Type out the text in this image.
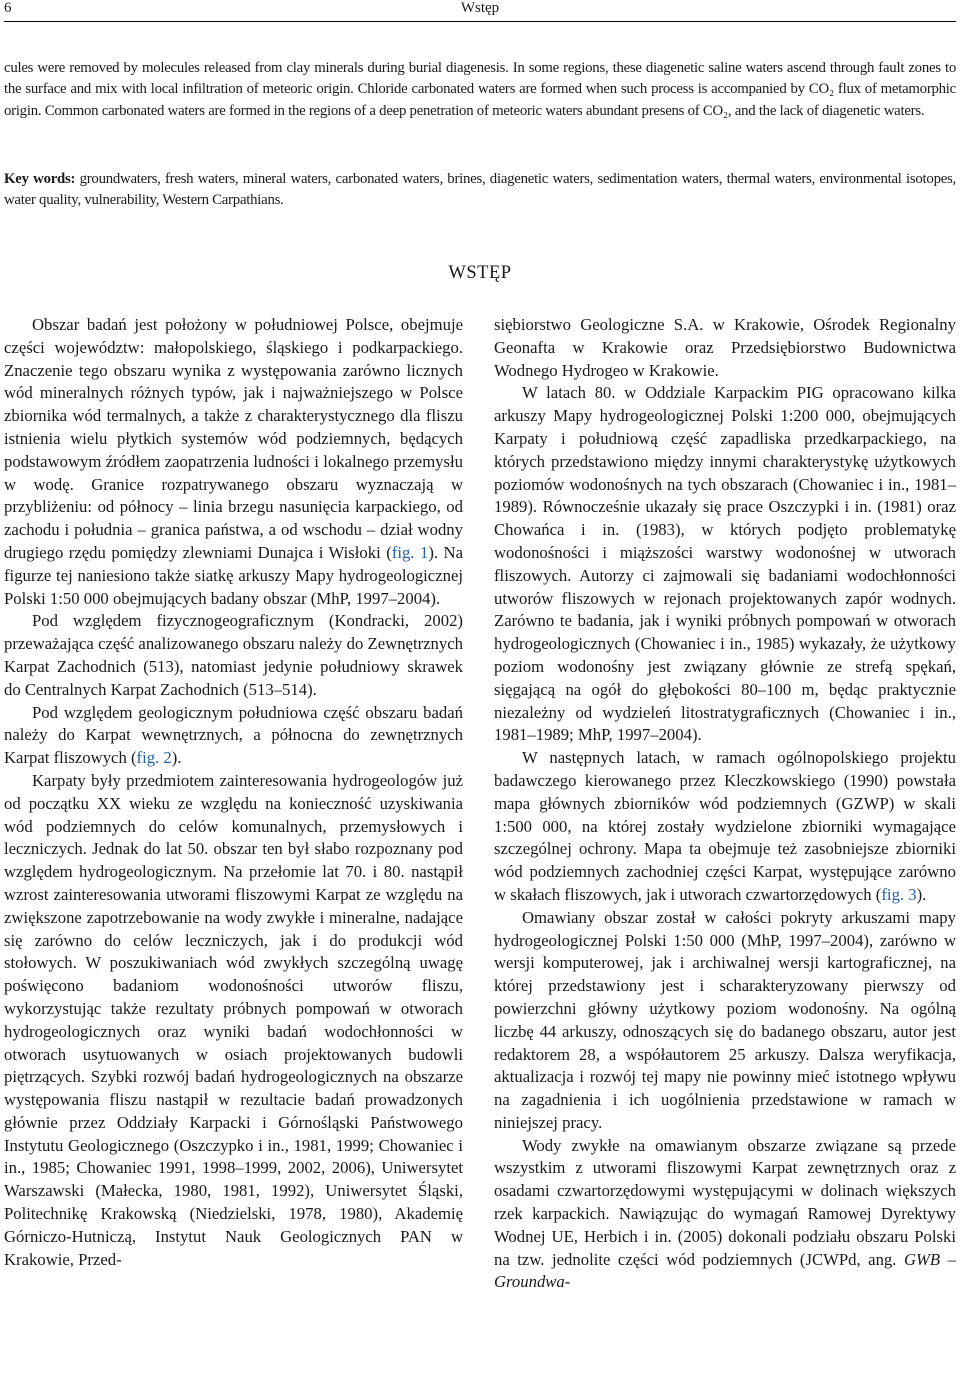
6	Wstęp
cules were removed by molecules released from clay minerals during burial diagenesis. In some regions, these diagenetic saline waters ascend through fault zones to the surface and mix with local infiltration of meteoric origin. Chloride carbonated waters are formed when such process is accompanied by CO₂ flux of metamorphic origin. Common carbonated waters are formed in the regions of a deep penetration of meteoric waters abundant presens of CO₂, and the lack of diagenetic waters.
Key words: groundwaters, fresh waters, mineral waters, carbonated waters, brines, diagenetic waters, sedimentation waters, thermal waters, environmental isotopes, water quality, vulnerability, Western Carpathians.
WSTĘP

Obszar badań jest położony w południowej Polsce, obejmuje części województw: małopolskiego, śląskiego i podkarpackiego. Znaczenie tego obszaru wynika z występowania zarówno licznych wód mineralnych różnych typów, jak i najważniejszego w Polsce zbiornika wód termalnych, a także z charakterystycznego dla fliszu istnienia wielu płytkich systemów wód podziemnych, będących podstawowym źródłem zaopatrzenia ludności i lokalnego przemysłu w wodę. Granice rozpatrywanego obszaru wyznaczają w przybliżeniu: od północy – linia brzegu nasunięcia karpackiego, od zachodu i południa – granica państwa, a od wschodu – dział wodny drugiego rzędu pomiędzy zlewniami Dunajca i Wisłoki (fig. 1). Na figurze tej naniesiono także siatkę arkuszy Mapy hydrogeologicznej Polski 1:50 000 obejmujących badany obszar (MhP, 1997–2004).

Pod względem fizycznogeograficznym (Kondracki, 2002) przeważająca część analizowanego obszaru należy do Zewnętrznych Karpat Zachodnich (513), natomiast jedynie południowy skrawek do Centralnych Karpat Zachodnich (513–514).

Pod względem geologicznym południowa część obszaru badań należy do Karpat wewnętrznych, a północna do zewnętrznych Karpat fliszowych (fig. 2).

Karpaty były przedmiotem zainteresowania hydrogeologów już od początku XX wieku ze względu na konieczność uzyskiwania wód podziemnych do celów komunalnych, przemysłowych i leczniczych. Jednak do lat 50. obszar ten był słabo rozpoznany pod względem hydrogeologicznym. Na przełomie lat 70. i 80. nastąpił wzrost zainteresowania utworami fliszowymi Karpat ze względu na zwiększone zapotrzebowanie na wody zwykłe i mineralne, nadające się zarówno do celów leczniczych, jak i do produkcji wód stołowych. W poszukiwaniach wód zwykłych szczególną uwagę poświęcono badaniom wodonośności utworów fliszu, wykorzystując także rezultaty próbnych pompowań w otworach hydrogeologicznych oraz wyniki badań wodochłonności w otworach usytuowanych w osiach projektowanych budowli piętrzących. Szybki rozwój badań hydrogeologicznych na obszarze występowania fliszu nastąpił w rezultacie badań prowadzonych głównie przez Oddziały Karpacki i Górnośląski Państwowego Instytutu Geologicznego (Oszczypko i in., 1981, 1999; Chowaniec i in., 1985; Chowaniec 1991, 1998–1999, 2002, 2006), Uniwersytet Warszawski (Małecka, 1980, 1981, 1992), Uniwersytet Śląski, Politechnikę Krakowską (Niedzielski, 1978, 1980), Akademię Górniczo-Hutniczą, Instytut Nauk Geologicznych PAN w Krakowie, Przed-

siębiorstwo Geologiczne S.A. w Krakowie, Ośrodek Regionalny Geonafta w Krakowie oraz Przedsiębiorstwo Budownictwa Wodnego Hydrogeo w Krakowie.

W latach 80. w Oddziale Karpackim PIG opracowano kilka arkuszy Mapy hydrogeologicznej Polski 1:200 000, obejmujących Karpaty i południową część zapadliska przedkarpackiego, na których przedstawiono między innymi charakterystykę użytkowych poziomów wodonośnych na tych obszarach (Chowaniec i in., 1981–1989). Równocześnie ukazały się prace Oszczypki i in. (1981) oraz Chowańca i in. (1983), w których podjęto problematykę wodonośności i miąższości warstwy wodonośnej w utworach fliszowych. Autorzy ci zajmowali się badaniami wodochłonności utworów fliszowych w rejonach projektowanych zapór wodnych. Zarówno te badania, jak i wyniki próbnych pompowań w otworach hydrogeologicznych (Chowaniec i in., 1985) wykazały, że użytkowy poziom wodonośny jest związany głównie ze strefą spękań, sięgającą na ogół do głębokości 80–100 m, będąc praktycznie niezależny od wydzieleń litostratygraficznych (Chowaniec i in., 1981–1989; MhP, 1997–2004).

W następnych latach, w ramach ogólnopolskiego projektu badawczego kierowanego przez Kleczkowskiego (1990) powstała mapa głównych zbiorników wód podziemnych (GZWP) w skali 1:500 000, na której zostały wydzielone zbiorniki wymagające szczególnej ochrony. Mapa ta obejmuje też zasobniejsze zbiorniki wód podziemnych zachodniej części Karpat, występujące zarówno w skałach fliszowych, jak i utworach czwartorzędowych (fig. 3).

Omawiany obszar został w całości pokryty arkuszami mapy hydrogeologicznej Polski 1:50 000 (MhP, 1997–2004), zarówno w wersji komputerowej, jak i archiwalnej wersji kartograficznej, na której przedstawiony jest i scharakteryzowany pierwszy od powierzchni główny użytkowy poziom wodonośny. Na ogólną liczbę 44 arkuszy, odnoszących się do badanego obszaru, autor jest redaktorem 28, a współautorem 25 arkuszy. Dalsza weryfikacja, aktualizacja i rozwój tej mapy nie powinny mieć istotnego wpływu na zagadnienia i ich uogólnienia przedstawione w ramach w niniejszej pracy.

Wody zwykłe na omawianym obszarze związane są przede wszystkim z utworami fliszowymi Karpat zewnętrznych oraz z osadami czwartorzędowymi występującymi w dolinach większych rzek karpackich. Nawiązując do wymagań Ramowej Dyrektywy Wodnej UE, Herbich i in. (2005) dokonali podziału obszaru Polski na tzw. jednolite części wód podziemnych (JCWPd, ang. GWB – Groundwa-
